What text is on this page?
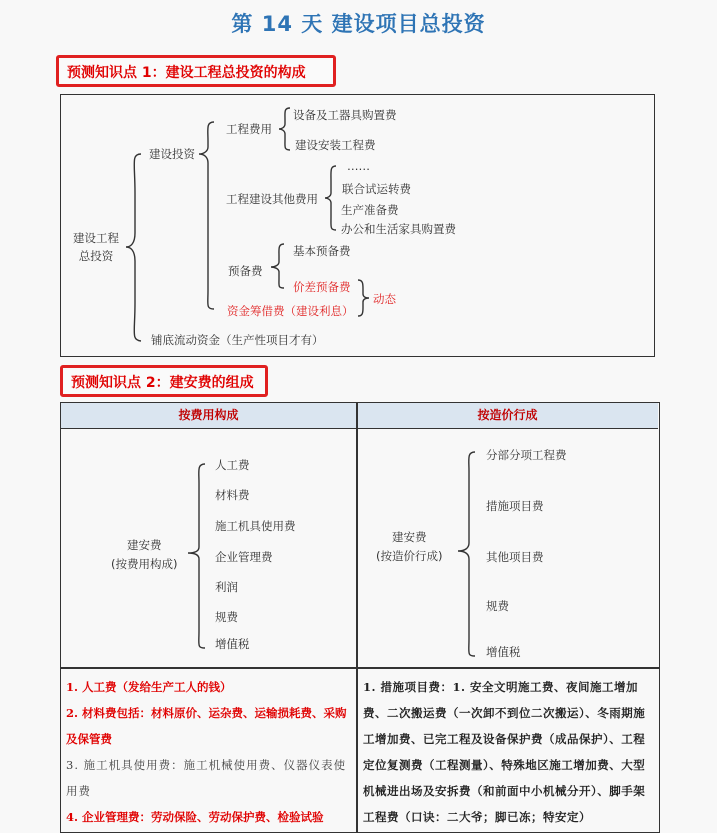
第 14 天 建设项目总投资
预测知识点 1：建设工程总投资的构成
建设工程
总投资
建设投资
铺底流动资金（生产性项目才有）
工程费用
工程建设其他费用
预备费
资金筹借费（建设利息）
设备及工器具购置费
建设安装工程费
……
联合试运转费
生产准备费
办公和生活家具购置费
基本预备费
价差预备费
动态
预测知识点 2：建安费的组成
按费用构成	按造价行成
建安费
(按费用构成)
人工费
材料费
施工机具使用费
企业管理费
利润
规费
增值税
建安费
(按造价行成)
分部分项工程费
措施项目费
其他项目费
规费
增值税
1. 人工费（发给生产工人的钱）
2. 材料费包括：材料原价、运杂费、运输损耗费、采购及保管费
3. 施工机具使用费：施工机械使用费、仪器仪表使用费
4. 企业管理费：劳动保险、劳动保护费、检验试验
1. 措施项目费：1. 安全文明施工费、夜间施工增加费、二次搬运费（一次卸不到位二次搬运）、冬雨期施工增加费、已完工程及设备保护费（成品保护）、工程定位复测费（工程测量）、特殊地区施工增加费、大型机械进出场及安拆费（和前面中小机械分开）、脚手架工程费（口诀：二大爷；脚已冻；特安定）
